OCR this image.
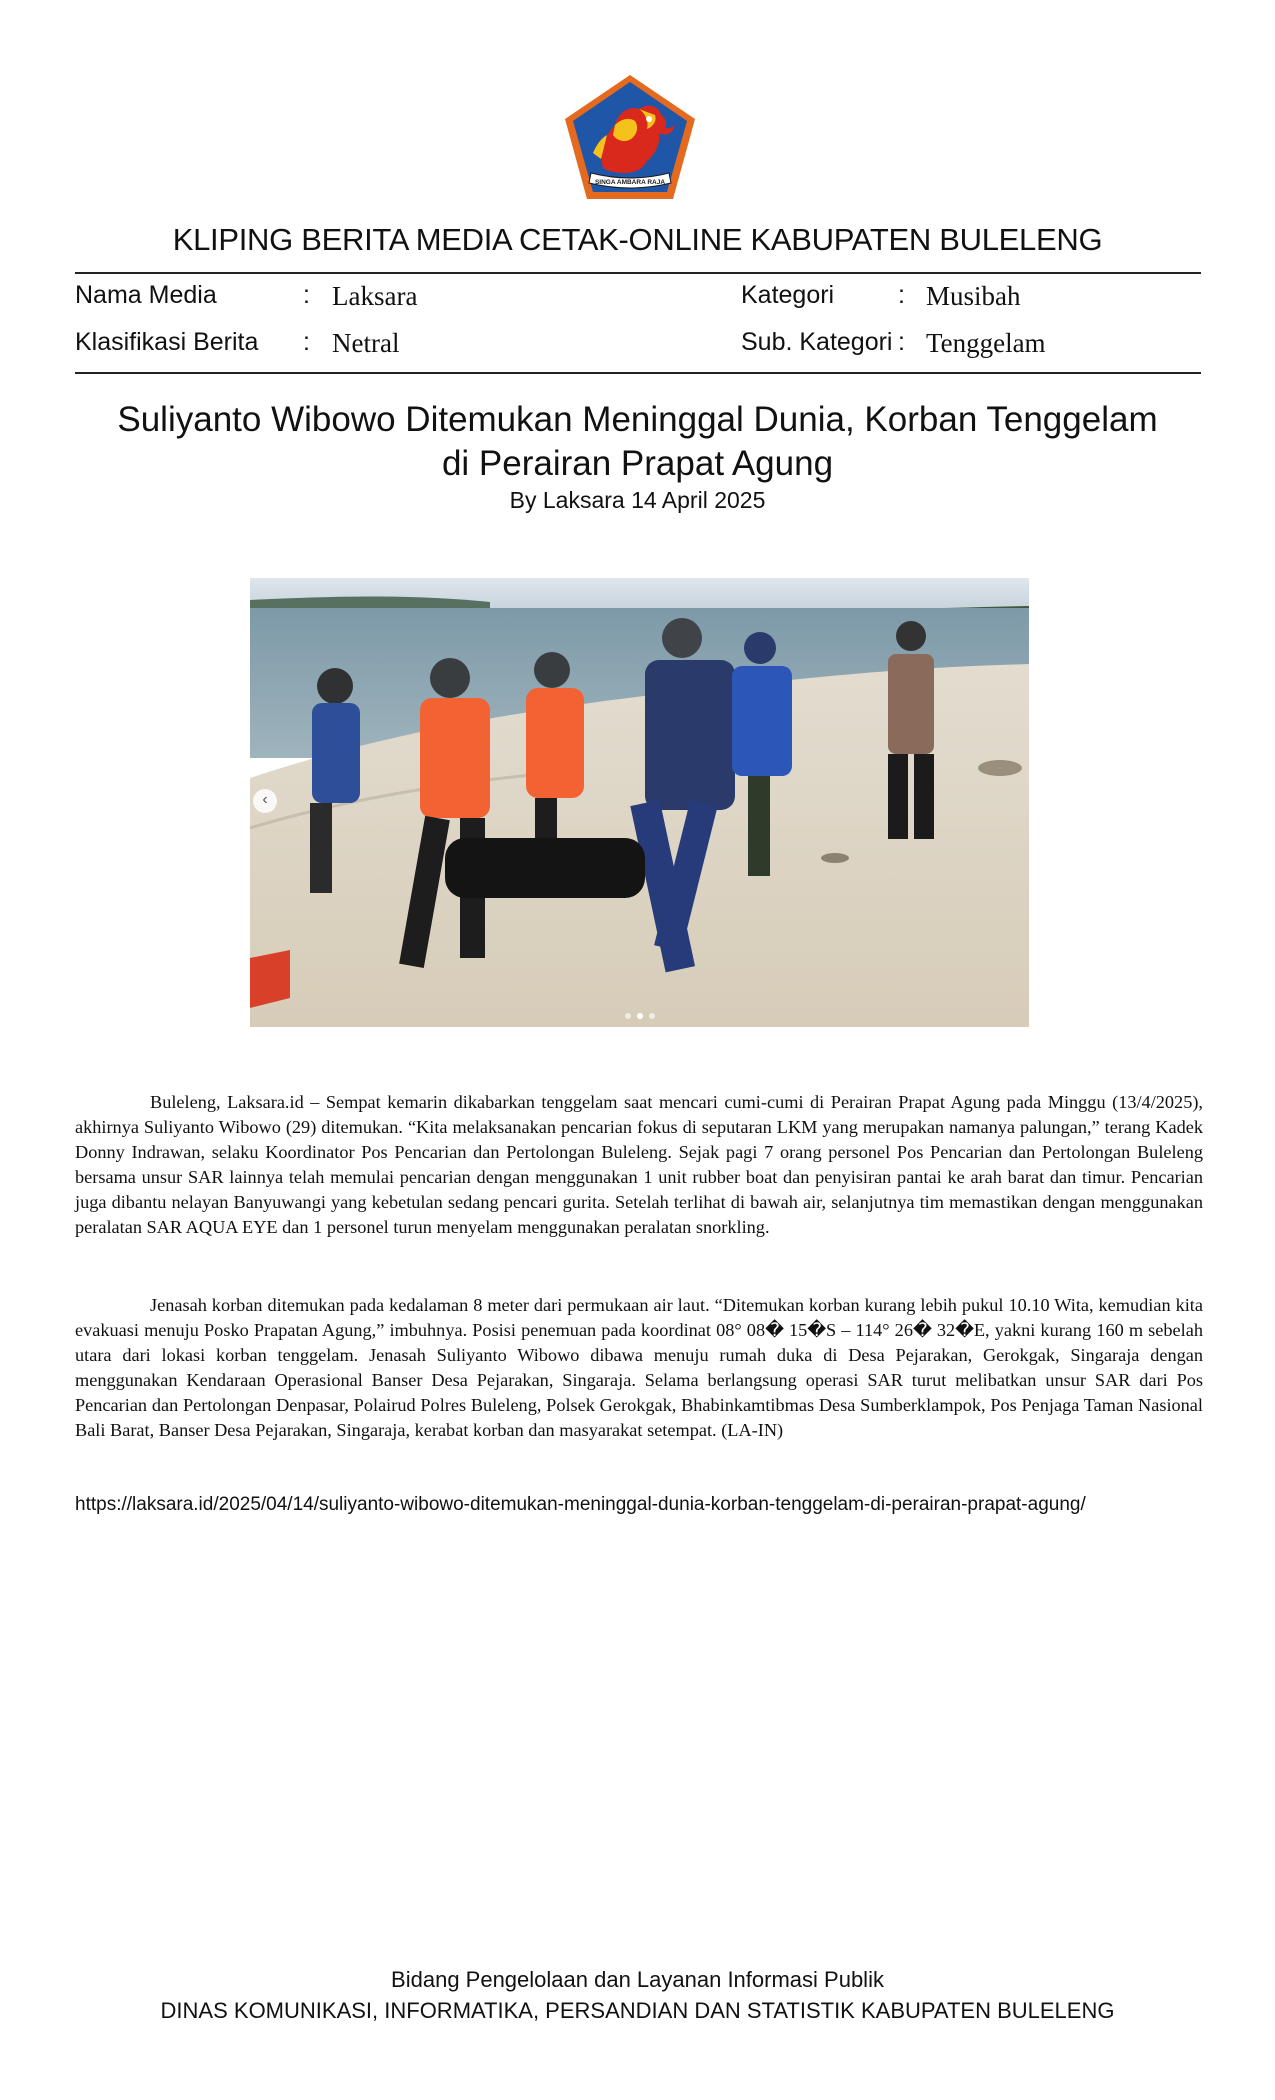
SINGA AMBARA RAJA
KLIPING BERITA MEDIA CETAK-ONLINE KABUPATEN BULELENG
Nama Media	: Laksara
Klasifikasi Berita : Netral
Kategori	: Musibah
Sub. Kategori : Tenggelam
Suliyanto Wibowo Ditemukan Meninggal Dunia, Korban Tenggelam
di Perairan Prapat Agung
By Laksara 14 April 2025
‹

Buleleng, Laksara.id – Sempat kemarin dikabarkan tenggelam saat mencari cumi-cumi di Perairan Prapat Agung pada Minggu (13/4/2025), akhirnya Suliyanto Wibowo (29) ditemukan. “Kita melaksanakan pencarian fokus di seputaran LKM yang merupakan namanya palungan,” terang Kadek Donny Indrawan, selaku Koordinator Pos Pencarian dan Pertolongan Buleleng. Sejak pagi 7 orang personel Pos Pencarian dan Pertolongan Buleleng bersama unsur SAR lainnya telah memulai pencarian dengan menggunakan 1 unit rubber boat dan penyisiran pantai ke arah barat dan timur. Pencarian juga dibantu nelayan Banyuwangi yang kebetulan sedang pencari gurita. Setelah terlihat di bawah air, selanjutnya tim memastikan dengan menggunakan peralatan SAR AQUA EYE dan 1 personel turun menyelam menggunakan peralatan snorkling.

Jenasah korban ditemukan pada kedalaman 8 meter dari permukaan air laut. “Ditemukan korban kurang lebih pukul 10.10 Wita, kemudian kita evakuasi menuju Posko Prapatan Agung,” imbuhnya. Posisi penemuan pada koordinat 08° 08� 15�S – 114° 26� 32�E, yakni kurang 160 m sebelah utara dari lokasi korban tenggelam. Jenasah Suliyanto Wibowo dibawa menuju rumah duka di Desa Pejarakan, Gerokgak, Singaraja dengan menggunakan Kendaraan Operasional Banser Desa Pejarakan, Singaraja. Selama berlangsung operasi SAR turut melibatkan unsur SAR dari Pos Pencarian dan Pertolongan Denpasar, Polairud Polres Buleleng, Polsek Gerokgak, Bhabinkamtibmas Desa Sumberklampok, Pos Penjaga Taman Nasional Bali Barat, Banser Desa Pejarakan, Singaraja, kerabat korban dan masyarakat setempat. (LA-IN)

https://laksara.id/2025/04/14/suliyanto-wibowo-ditemukan-meninggal-dunia-korban-tenggelam-di-perairan-prapat-agung/
Bidang Pengelolaan dan Layanan Informasi Publik
DINAS KOMUNIKASI, INFORMATIKA, PERSANDIAN DAN STATISTIK KABUPATEN BULELENG
